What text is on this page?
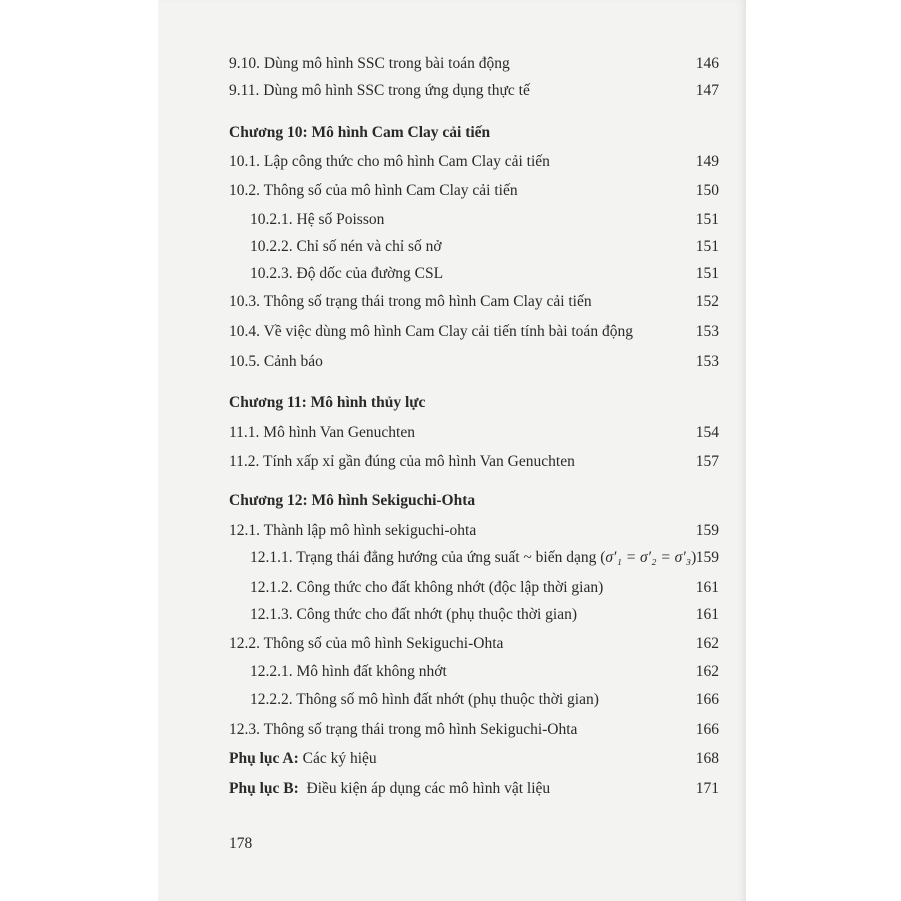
9.10. Dùng mô hình SSC trong bài toán động	146
9.11. Dùng mô hình SSC trong ứng dụng thực tế	147
Chương 10: Mô hình Cam Clay cải tiến
10.1. Lập công thức cho mô hình Cam Clay cải tiến	149
10.2. Thông số của mô hình Cam Clay cải tiến	150
10.2.1. Hệ số Poisson	151
10.2.2. Chỉ số nén và chỉ số nở	151
10.2.3. Độ dốc của đường CSL	151
10.3. Thông số trạng thái trong mô hình Cam Clay cải tiến	152
10.4. Về việc dùng mô hình Cam Clay cải tiến tính bài toán động	153
10.5. Cảnh báo	153
Chương 11: Mô hình thủy lực
11.1. Mô hình Van Genuchten	154
11.2. Tính xấp xỉ gần đúng của mô hình Van Genuchten	157
Chương 12: Mô hình Sekiguchi-Ohta
12.1. Thành lập mô hình sekiguchi-ohta	159
12.1.1. Trạng thái đẳng hướng của ứng suất ~ biến dạng (σ′₁ = σ′₂ = σ′₃) 159
12.1.2. Công thức cho đất không nhớt (độc lập thời gian)	161
12.1.3. Công thức cho đất nhớt (phụ thuộc thời gian)	161
12.2. Thông số của mô hình Sekiguchi-Ohta	162
12.2.1. Mô hình đất không nhớt	162
12.2.2. Thông số mô hình đất nhớt (phụ thuộc thời gian)	166
12.3. Thông số trạng thái trong mô hình Sekiguchi-Ohta	166
Phụ lục A: Các ký hiệu	168
Phụ lục B:  Điều kiện áp dụng các mô hình vật liệu	171
178
